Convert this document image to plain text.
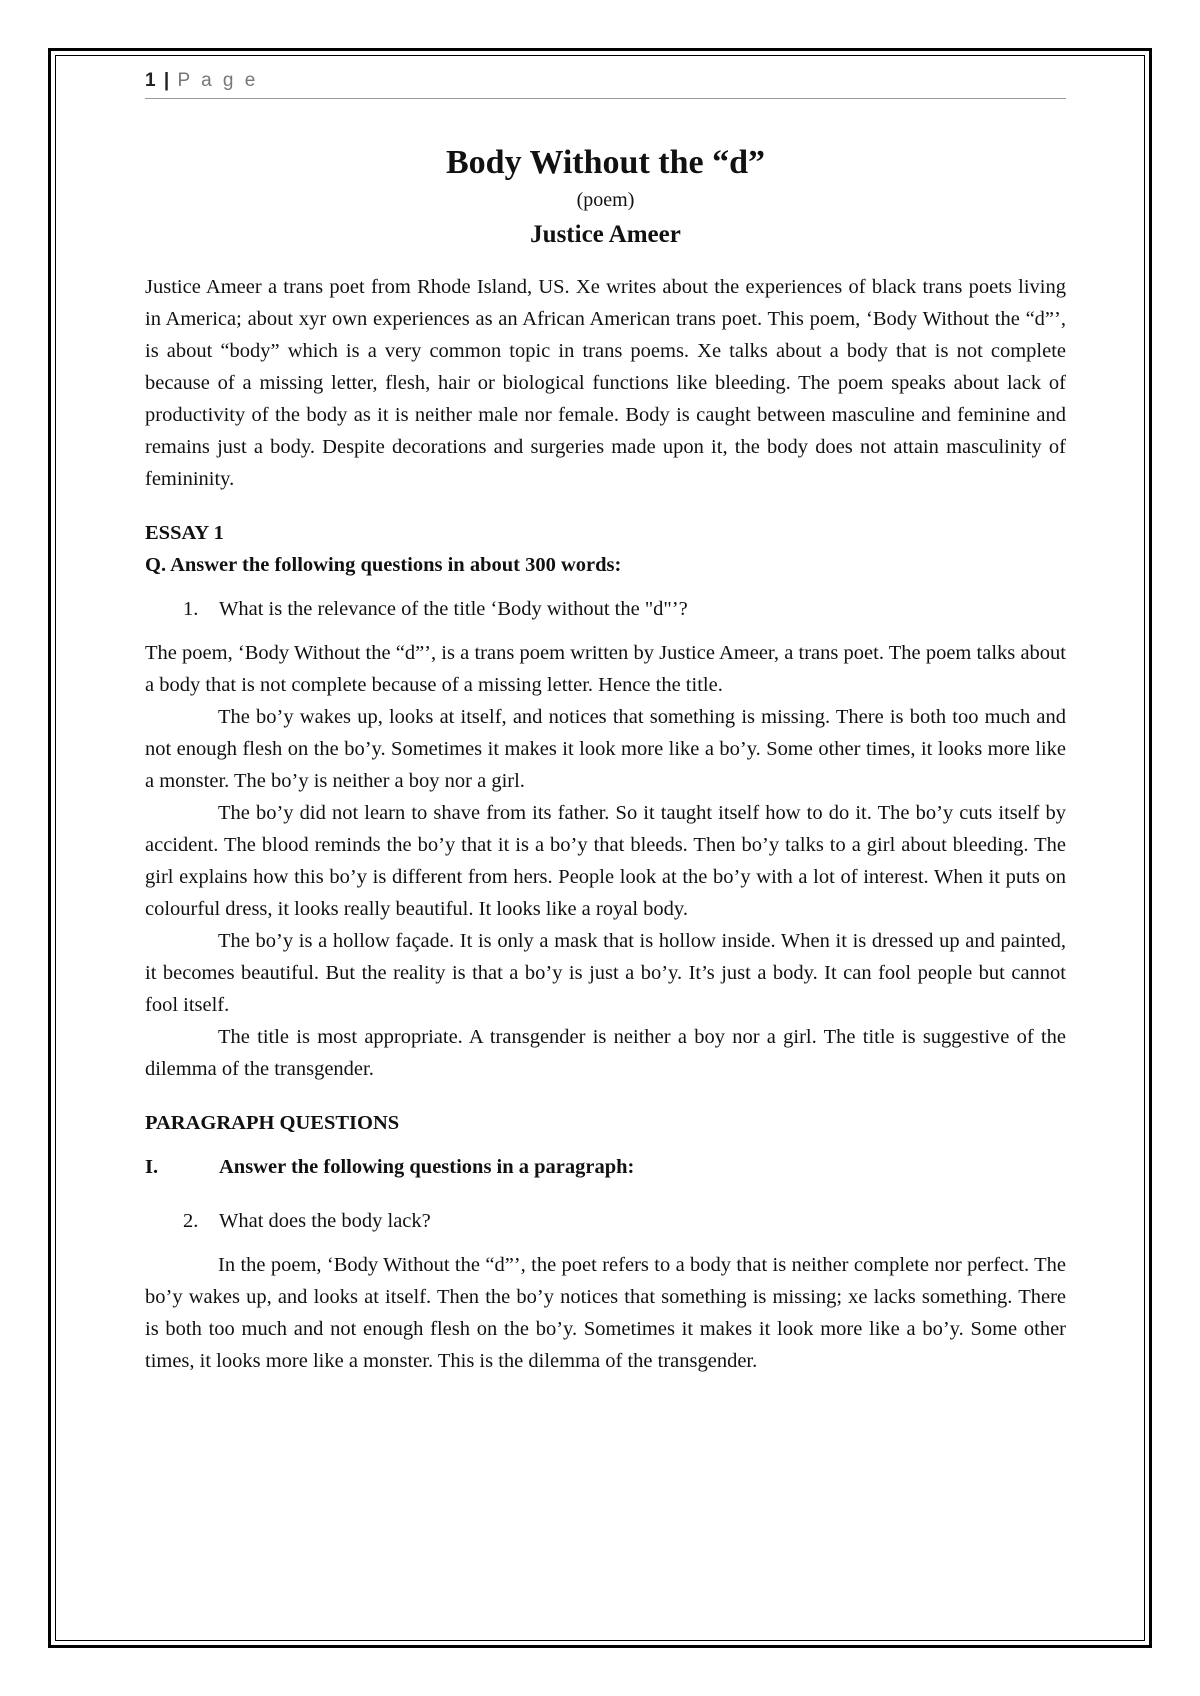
1 | P a g e
Body Without the “d”
(poem)
Justice Ameer

Justice Ameer a trans poet from Rhode Island, US. Xe writes about the experiences of black trans poets living in America; about xyr own experiences as an African American trans poet. This poem, ‘Body Without the “d”’, is about “body” which is a very common topic in trans poems. Xe talks about a body that is not complete because of a missing letter, flesh, hair or biological functions like bleeding. The poem speaks about lack of productivity of the body as it is neither male nor female. Body is caught between masculine and feminine and remains just a body. Despite decorations and surgeries made upon it, the body does not attain masculinity of femininity.

ESSAY 1
Q. Answer the following questions in about 300 words:
1. What is the relevance of the title ‘Body without the "d"’?

The poem, ‘Body Without the “d”’, is a trans poem written by Justice Ameer, a trans poet. The poem talks about a body that is not complete because of a missing letter. Hence the title.

The bo’y wakes up, looks at itself, and notices that something is missing. There is both too much and not enough flesh on the bo’y. Sometimes it makes it look more like a bo’y. Some other times, it looks more like a monster. The bo’y is neither a boy nor a girl.

The bo’y did not learn to shave from its father. So it taught itself how to do it. The bo’y cuts itself by accident. The blood reminds the bo’y that it is a bo’y that bleeds. Then bo’y talks to a girl about bleeding. The girl explains how this bo’y is different from hers. People look at the bo’y with a lot of interest. When it puts on colourful dress, it looks really beautiful. It looks like a royal body.

The bo’y is a hollow façade. It is only a mask that is hollow inside. When it is dressed up and painted, it becomes beautiful. But the reality is that a bo’y is just a bo’y. It’s just a body. It can fool people but cannot fool itself.

The title is most appropriate. A transgender is neither a boy nor a girl. The title is suggestive of the dilemma of the transgender.

PARAGRAPH QUESTIONS
I.	Answer the following questions in a paragraph:
2. What does the body lack?

In the poem, ‘Body Without the “d”’, the poet refers to a body that is neither complete nor perfect. The bo’y wakes up, and looks at itself. Then the bo’y notices that something is missing; xe lacks something. There is both too much and not enough flesh on the bo’y. Sometimes it makes it look more like a bo’y. Some other times, it looks more like a monster. This is the dilemma of the transgender.
